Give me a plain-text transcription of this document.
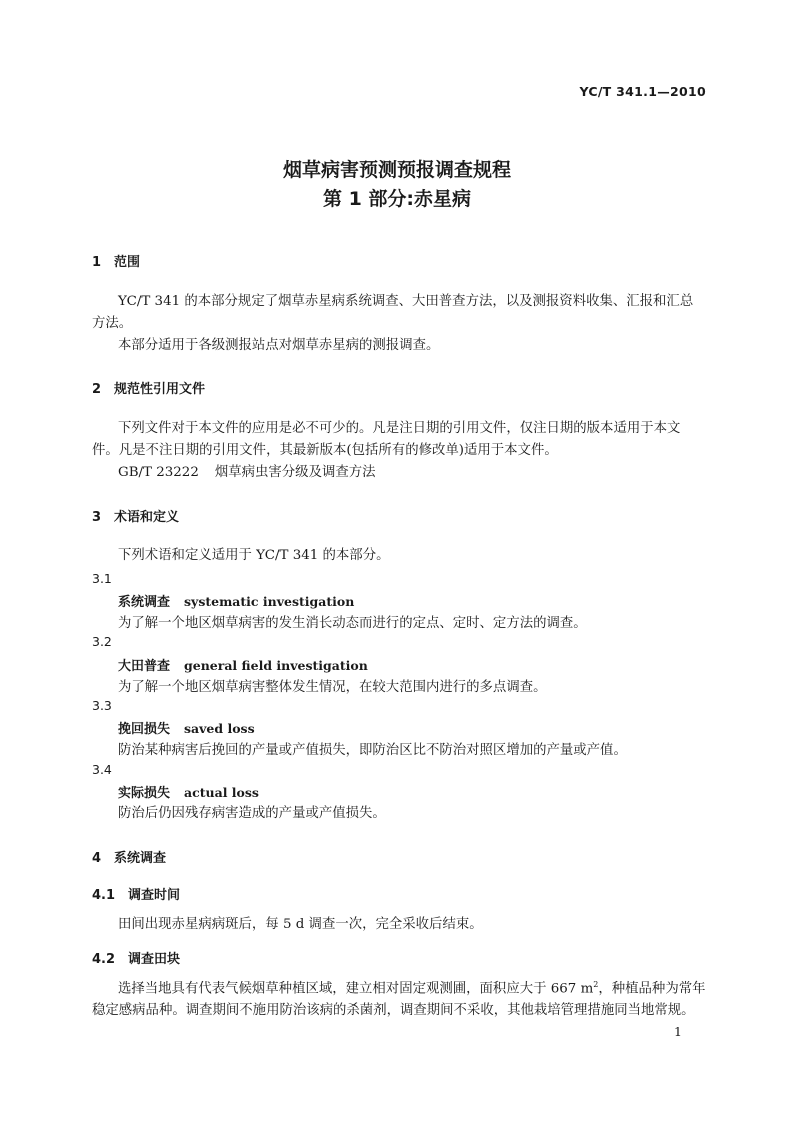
YC/T 341.1—2010
烟草病害预测预报调查规程
第 1 部分:赤星病
1 范围
YC/T 341 的本部分规定了烟草赤星病系统调查、大田普查方法，以及测报资料收集、汇报和汇总
方法。
本部分适用于各级测报站点对烟草赤星病的测报调查。
2 规范性引用文件
下列文件对于本文件的应用是必不可少的。凡是注日期的引用文件，仅注日期的版本适用于本文
件。凡是不注日期的引用文件，其最新版本(包括所有的修改单)适用于本文件。
GB/T 23222 烟草病虫害分级及调查方法
3 术语和定义
下列术语和定义适用于 YC/T 341 的本部分。
3.1
系统调查 systematic investigation
为了解一个地区烟草病害的发生消长动态而进行的定点、定时、定方法的调查。
3.2
大田普查 general field investigation
为了解一个地区烟草病害整体发生情况，在较大范围内进行的多点调查。
3.3
挽回损失 saved loss
防治某种病害后挽回的产量或产值损失，即防治区比不防治对照区增加的产量或产值。
3.4
实际损失 actual loss
防治后仍因残存病害造成的产量或产值损失。
4 系统调查
4.1 调查时间
田间出现赤星病病斑后，每 5 d 调查一次，完全采收后结束。
4.2 调查田块
选择当地具有代表气候烟草种植区域，建立相对固定观测圃，面积应大于 667 $m^2$，种植品种为常年
稳定感病品种。调查期间不施用防治该病的杀菌剂，调查期间不采收，其他栽培管理措施同当地常规。
1
